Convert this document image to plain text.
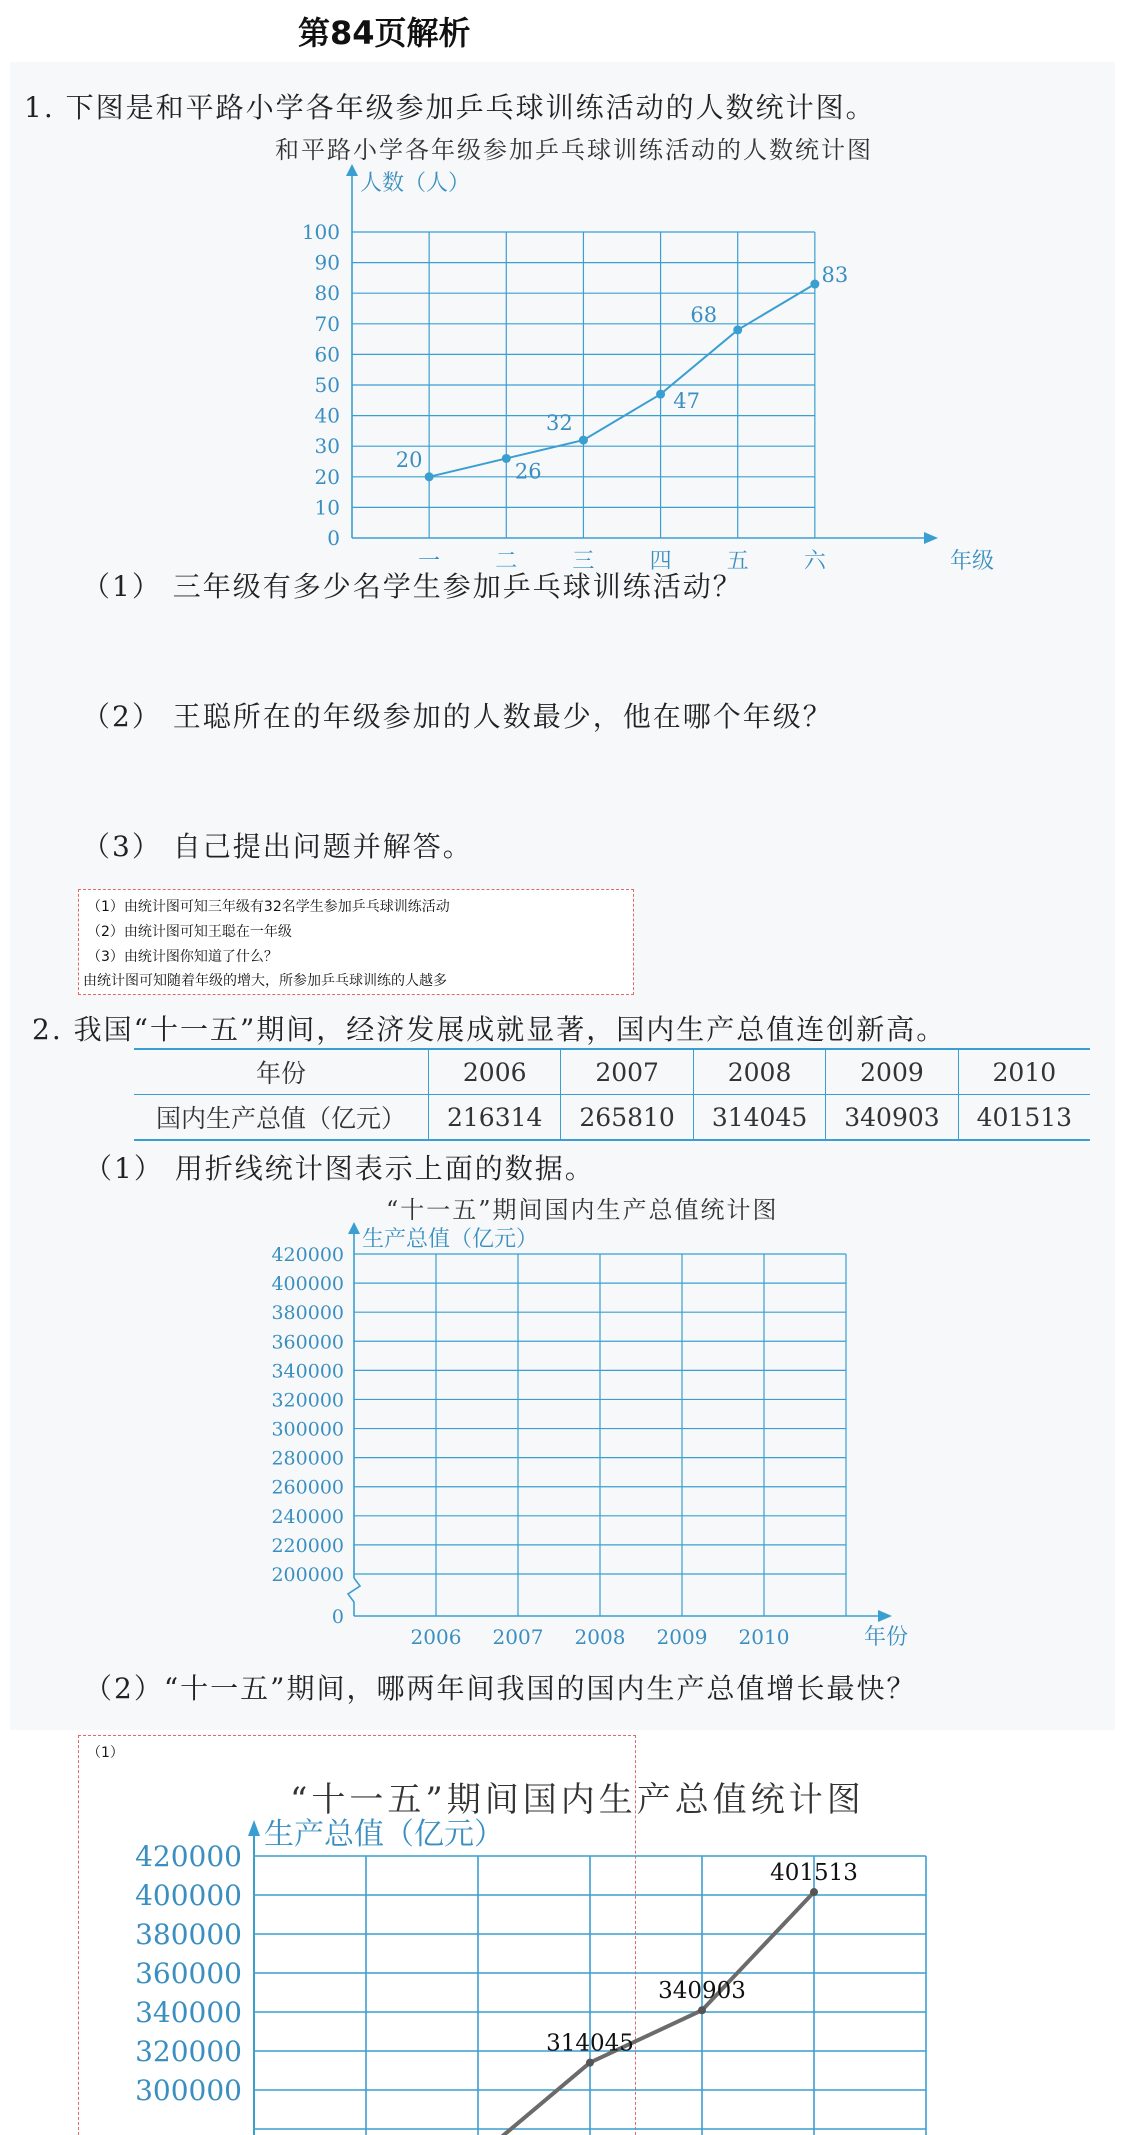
第84页解析
1. 下图是和平路小学各年级参加乒乓球训练活动的人数统计图。
和平路小学各年级参加乒乓球训练活动的人数统计图
0
10
20
30
40
50
60
70
80
90
100
人数（人）
年级
一	二	三	四	五	六
20	26
32
47
68
83
（1） 三年级有多少名学生参加乒乓球训练活动？
（2） 王聪所在的年级参加的人数最少，他在哪个年级？
（3） 自己提出问题并解答。
（1）由统计图可知三年级有32名学生参加乒乓球训练活动
（2）由统计图可知王聪在一年级
（3）由统计图你知道了什么？
由统计图可知随着年级的增大，所参加乒乓球训练的人越多
2. 我国“十一五”期间，经济发展成就显著，国内生产总值连创新高。
年份	2006	2007	2008	2009	2010
国内生产总值（亿元）	216314	265810	314045	340903	401513
（1） 用折线统计图表示上面的数据。
“十一五”期间国内生产总值统计图
0
200000
220000
240000
260000
280000
300000
320000
340000
360000
380000
400000
420000
生产总值（亿元）
年份
2006 2007 2008 2009 2010
（2）“十一五”期间，哪两年间我国的国内生产总值增长最快？
（1）
“十一五”期间国内生产总值统计图
300000
320000
340000
360000
380000
400000
420000
生产总值（亿元）
314045
340903
401513
